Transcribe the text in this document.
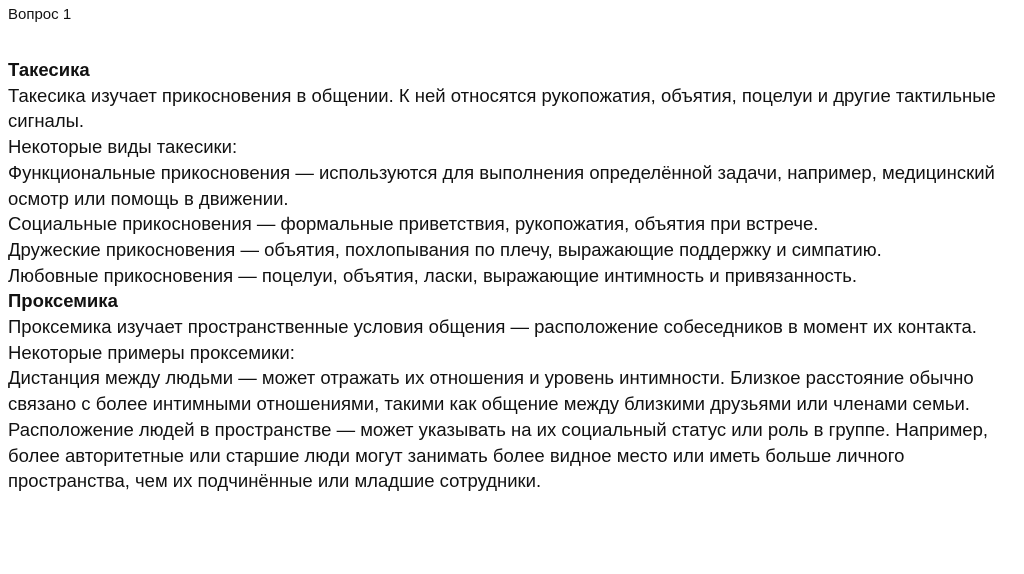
Вопрос 1

Такесика

Такесика изучает прикосновения в общении. К ней относятся рукопожатия, объятия, поцелуи и другие тактильные сигналы.

Некоторые виды такесики:

Функциональные прикосновения — используются для выполнения определённой задачи, например, медицинский осмотр или помощь в движении.

Социальные прикосновения — формальные приветствия, рукопожатия, объятия при встрече.

Дружеские прикосновения — объятия, похлопывания по плечу, выражающие поддержку и симпатию.

Любовные прикосновения — поцелуи, объятия, ласки, выражающие интимность и привязанность.

Проксемика

Проксемика изучает пространственные условия общения — расположение собеседников в момент их контакта.

Некоторые примеры проксемики:

Дистанция между людьми — может отражать их отношения и уровень интимности. Близкое расстояние обычно связано с более интимными отношениями, такими как общение между близкими друзьями или членами семьи.

Расположение людей в пространстве — может указывать на их социальный статус или роль в группе. Например, более авторитетные или старшие люди могут занимать более видное место или иметь больше личного пространства, чем их подчинённые или младшие сотрудники.
